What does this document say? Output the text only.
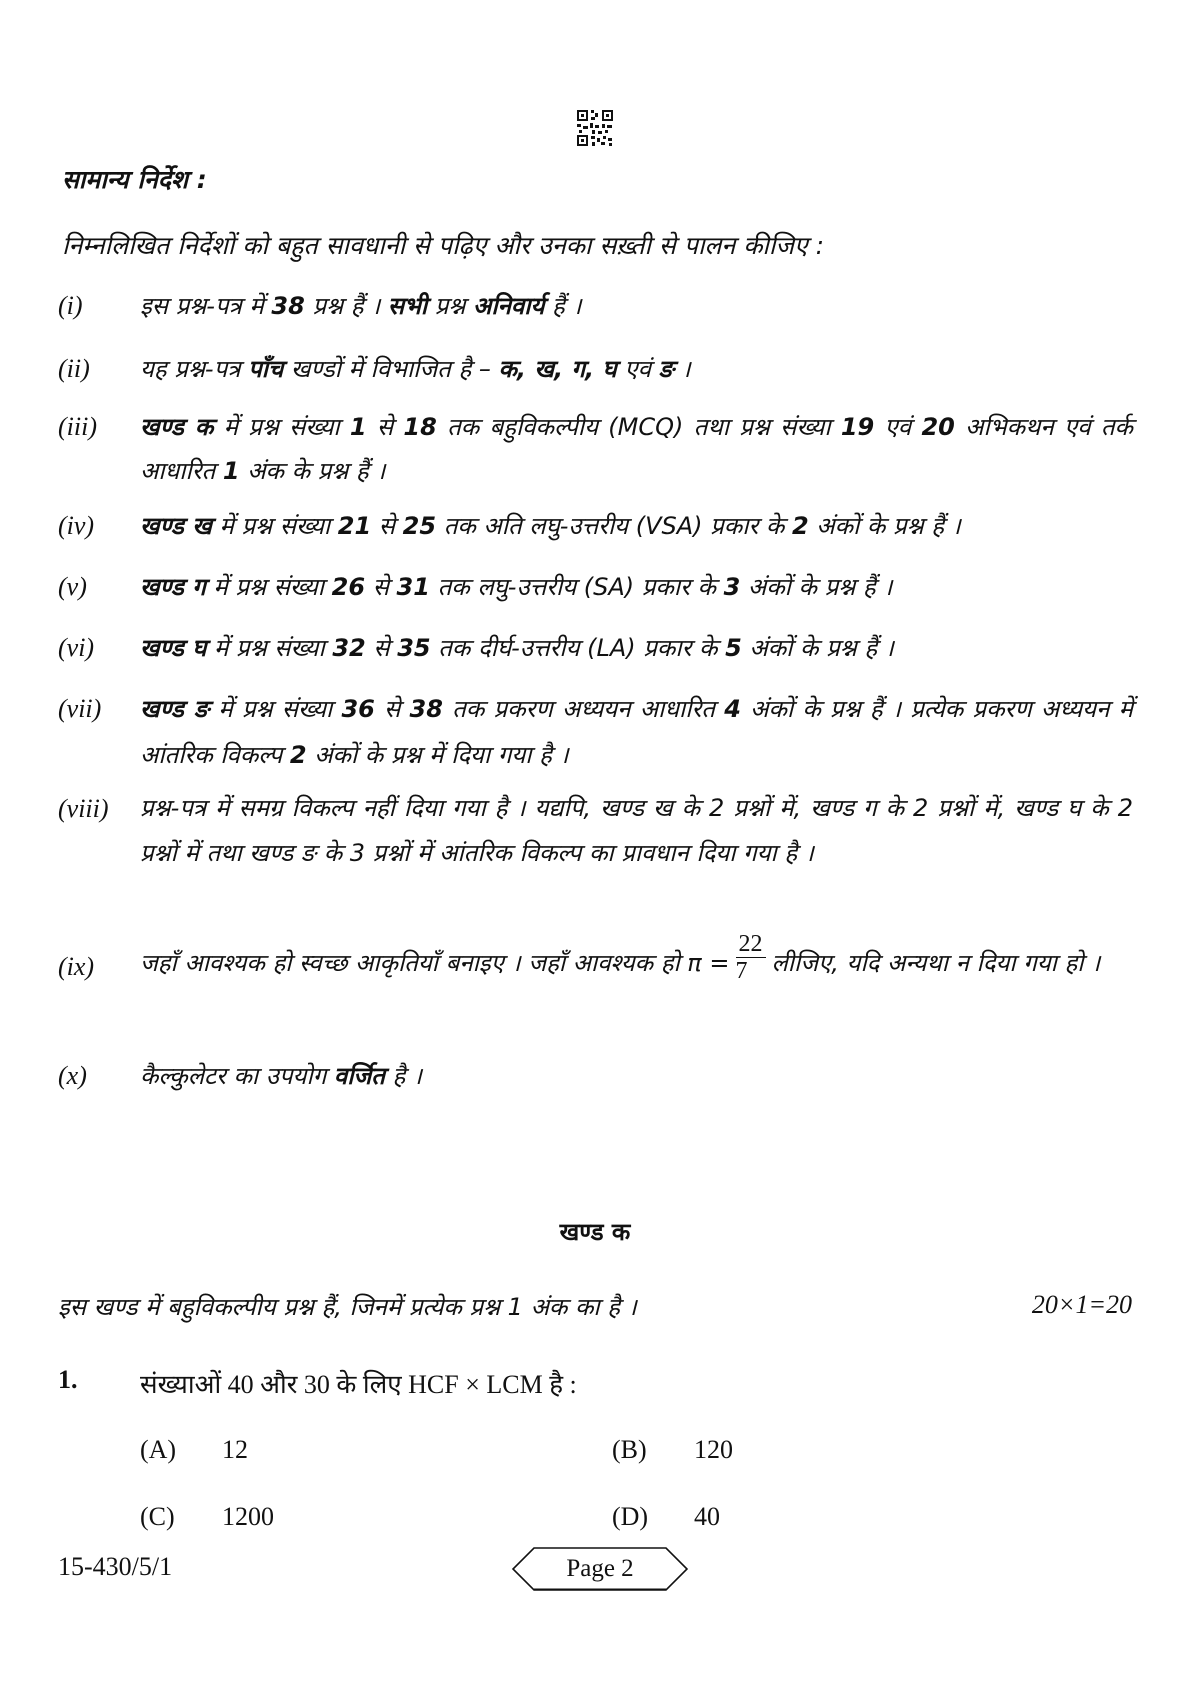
सामान्य निर्देश :
निम्नलिखित निर्देशों को बहुत सावधानी से पढ़िए और उनका सख़्ती से पालन कीजिए :
(i) इस प्रश्न-पत्र में 38 प्रश्न हैं । सभी प्रश्न अनिवार्य हैं ।
(ii) यह प्रश्न-पत्र पाँच खण्डों में विभाजित है – क, ख, ग, घ एवं ङ ।
(iii) खण्ड क में प्रश्न संख्या 1 से 18 तक बहुविकल्पीय (MCQ) तथा प्रश्न संख्या 19 एवं 20 अभिकथन एवं तर्क आधारित 1 अंक के प्रश्न हैं ।
(iv) खण्ड ख में प्रश्न संख्या 21 से 25 तक अति लघु-उत्तरीय (VSA) प्रकार के 2 अंकों के प्रश्न हैं ।
(v) खण्ड ग में प्रश्न संख्या 26 से 31 तक लघु-उत्तरीय (SA) प्रकार के 3 अंकों के प्रश्न हैं ।
(vi) खण्ड घ में प्रश्न संख्या 32 से 35 तक दीर्घ-उत्तरीय (LA) प्रकार के 5 अंकों के प्रश्न हैं ।
(vii) खण्ड ङ में प्रश्न संख्या 36 से 38 तक प्रकरण अध्ययन आधारित 4 अंकों के प्रश्न हैं । प्रत्येक प्रकरण अध्ययन में आंतरिक विकल्प 2 अंकों के प्रश्न में दिया गया है ।
(viii) प्रश्न-पत्र में समग्र विकल्प नहीं दिया गया है । यद्यपि, खण्ड ख के 2 प्रश्नों में, खण्ड ग के 2 प्रश्नों में, खण्ड घ के 2 प्रश्नों में तथा खण्ड ङ के 3 प्रश्नों में आंतरिक विकल्प का प्रावधान दिया गया है ।
(ix) जहाँ आवश्यक हो स्वच्छ आकृतियाँ बनाइए । जहाँ आवश्यक हो $\pi = \frac{22}{7}$ लीजिए, यदि अन्यथा न दिया गया हो ।
(x) कैल्कुलेटर का उपयोग वर्जित है ।
खण्ड क
इस खण्ड में बहुविकल्पीय प्रश्न हैं, जिनमें प्रत्येक प्रश्न 1 अंक का है ।	20×1=20
1. संख्याओं 40 और 30 के लिए HCF × LCM है :
(A) 12	(B) 120
(C) 1200	(D) 40
15-430/5/1	Page 2
